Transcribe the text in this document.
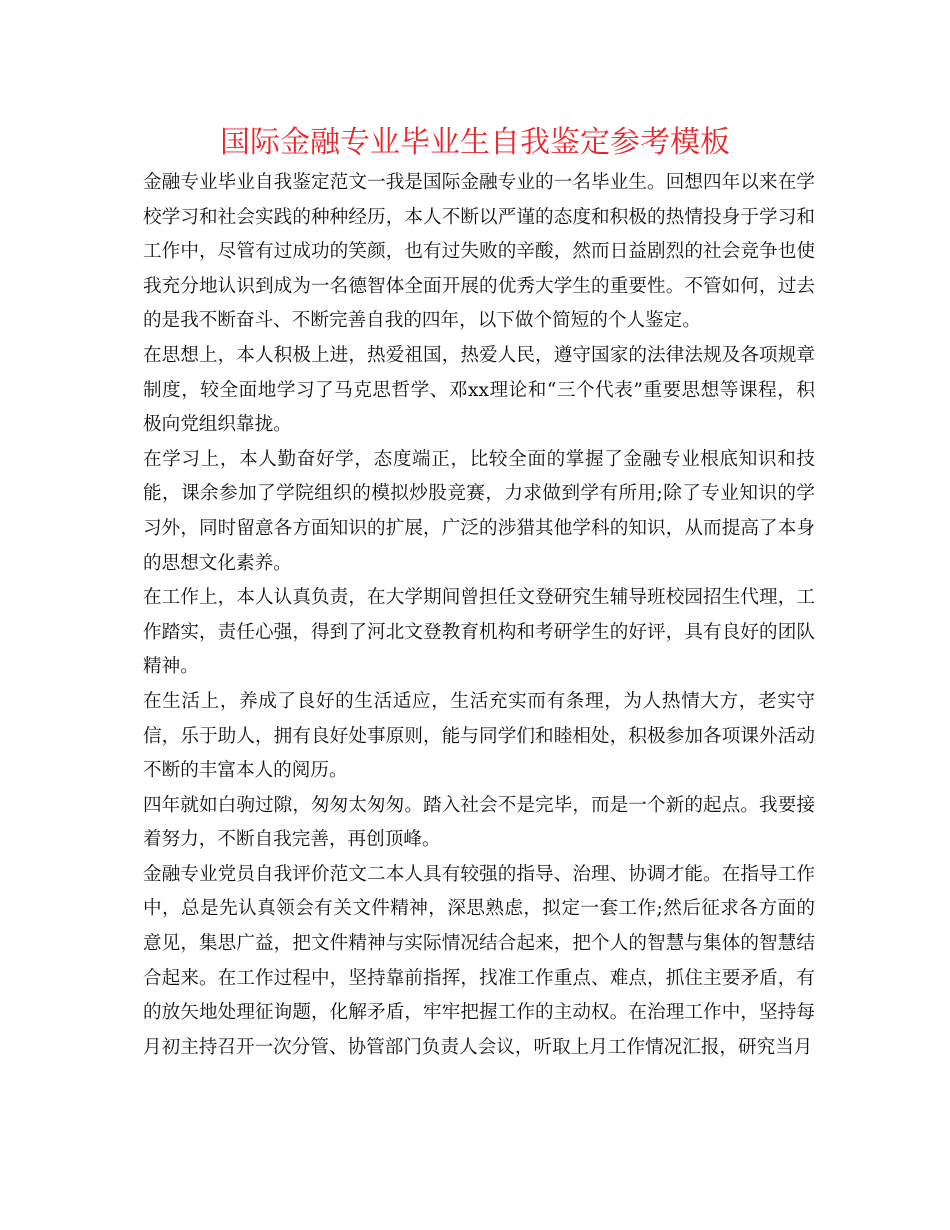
国际金融专业毕业生自我鉴定参考模板

金融专业毕业自我鉴定范文一我是国际金融专业的一名毕业生。回想四年以来在学校学习和社会实践的种种经历，本人不断以严谨的态度和积极的热情投身于学习和工作中，尽管有过成功的笑颜，也有过失败的辛酸，然而日益剧烈的社会竞争也使我充分地认识到成为一名德智体全面开展的优秀大学生的重要性。不管如何，过去的是我不断奋斗、不断完善自我的四年，以下做个简短的个人鉴定。

在思想上，本人积极上进，热爱祖国，热爱人民，遵守国家的法律法规及各项规章制度，较全面地学习了马克思哲学、邓xx理论和“三个代表”重要思想等课程，积极向党组织靠拢。

在学习上，本人勤奋好学，态度端正，比较全面的掌握了金融专业根底知识和技能，课余参加了学院组织的模拟炒股竞赛，力求做到学有所用;除了专业知识的学习外，同时留意各方面知识的扩展，广泛的涉猎其他学科的知识，从而提高了本身的思想文化素养。

在工作上，本人认真负责，在大学期间曾担任文登研究生辅导班校园招生代理，工作踏实，责任心强，得到了河北文登教育机构和考研学生的好评，具有良好的团队精神。

在生活上，养成了良好的生活适应，生活充实而有条理，为人热情大方，老实守信，乐于助人，拥有良好处事原则，能与同学们和睦相处，积极参加各项课外活动不断的丰富本人的阅历。

四年就如白驹过隙，匆匆太匆匆。踏入社会不是完毕，而是一个新的起点。我要接着努力，不断自我完善，再创顶峰。

金融专业党员自我评价范文二本人具有较强的指导、治理、协调才能。在指导工作中，总是先认真领会有关文件精神，深思熟虑，拟定一套工作;然后征求各方面的意见，集思广益，把文件精神与实际情况结合起来，把个人的智慧与集体的智慧结合起来。在工作过程中，坚持靠前指挥，找准工作重点、难点，抓住主要矛盾，有的放矢地处理征询题，化解矛盾，牢牢把握工作的主动权。在治理工作中，坚持每月初主持召开一次分管、协管部门负责人会议，听取上月工作情况汇报，研究当月
